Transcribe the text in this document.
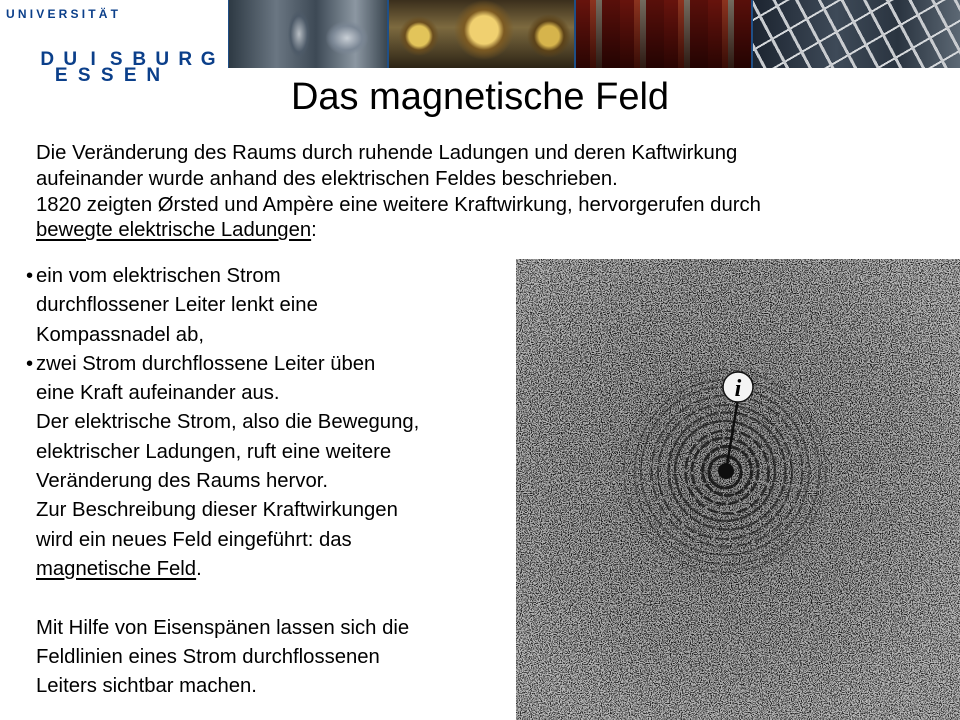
UNIVERSITÄT

D U I S B U R G

E S S E N

Das magnetische Feld
Die Veränderung des Raums durch ruhende Ladungen und deren Kaftwirkung
aufeinander wurde anhand des elektrischen Feldes beschrieben.
1820 zeigten Ørsted und Ampère eine weitere Kraftwirkung, hervorgerufen durch
bewegte elektrische Ladungen:
• ein vom elektrischen Strom
durchflossener Leiter lenkt eine
Kompassnadel ab,
• zwei Strom durchflossene Leiter üben
eine Kraft aufeinander aus.
Der elektrische Strom, also die Bewegung,
elektrischer Ladungen, ruft eine weitere
Veränderung des Raums hervor.
Zur Beschreibung dieser Kraftwirkungen
wird ein neues Feld eingeführt: das
magnetische Feld.
Mit Hilfe von Eisenspänen lassen sich die
Feldlinien eines Strom durchflossenen
Leiters sichtbar machen.
i
